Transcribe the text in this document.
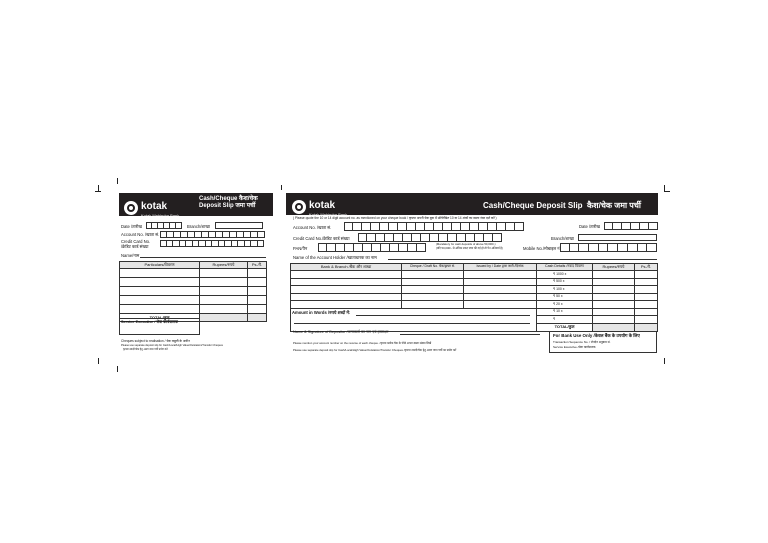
kotak
Kotak Mahindra Bank
Cash/Cheque कैश/चेक
Deposit Slip जमा पर्ची
Date /तारीख	Branch/शाखा
Account No. /खाता सं.
Credit Card No.
/क्रेडिट कार्ड संख्या
Name/नाम
Particulars/विवरण	Rupees/रुपये	Ps./पै.

TOTAL/कुल		
Service Executive / सेवा कार्यपालक
Cheques subject to realisation / चेक वसूली के अधीन
Please use separate deposit slip for Cash/Local/High Value/Outstation/Transfer Cheques
कृपया नकदी/चेक हेतु अलग जमा पर्ची प्रयोग करें
kotak
Kotak Mahindra Bank
Cash/Cheque Deposit Slip कैश/चेक जमा पर्ची
( Please quote the 10 or 14 digit account no. as mentioned on your cheque book / कृपया अपनी चेक बुक में उल्लिखित 10 या 14 अंकों का खाता नंबर दर्ज करें )
Account No. /खाता सं.	Date /तारीख
Credit Card No./क्रेडिट कार्ड संख्या	Branch/शाखा
PAN/पैन
(Mandatory for cash deposits of above 50,000/-)
(यदि 50,000/- से अधिक नकद जमा की गई हो तो पैन अनिवार्य है)	Mobile No./मोबाइल नं.
Name of the Account Holder /खाताधारक का नाम
Bank & Branch /बैंक और शाखा	Cheque / Draft No. चेक/ड्राफ्ट सं.	Issued by / Date द्वारा जारी /दिनांक	Cash Details /नकद विवरण	Rupees/रुपये	Ps./पै.
			₹ 1000 x		
			₹ 500 x		
			₹ 100 x		
			₹ 50 x		
			₹ 20 x		
Amount in Words /रुपये शब्दों में:			₹ 10 x		
			₹		
			TOTAL/कुल		
Name & Signature of Depositor /जमाकर्ता का नाम एवं हस्ताक्षर
Please mention your account number on the reverse of each cheque. /कृपया प्रत्येक चेक के पीछे अपना खाता संख्या लिखें
Please use separate deposit slip for Cash/Local/High Value/Outstation/Transfer Cheques /कृपया नकदी/चेक हेतु अलग जमा पर्ची का प्रयोग करें
For Bank Use Only /केवल बैंक के उपयोग के लिए
Transaction Sequence No. / लेनदेन अनुक्रम सं.
Service Executive /सेवा कार्यपालक
